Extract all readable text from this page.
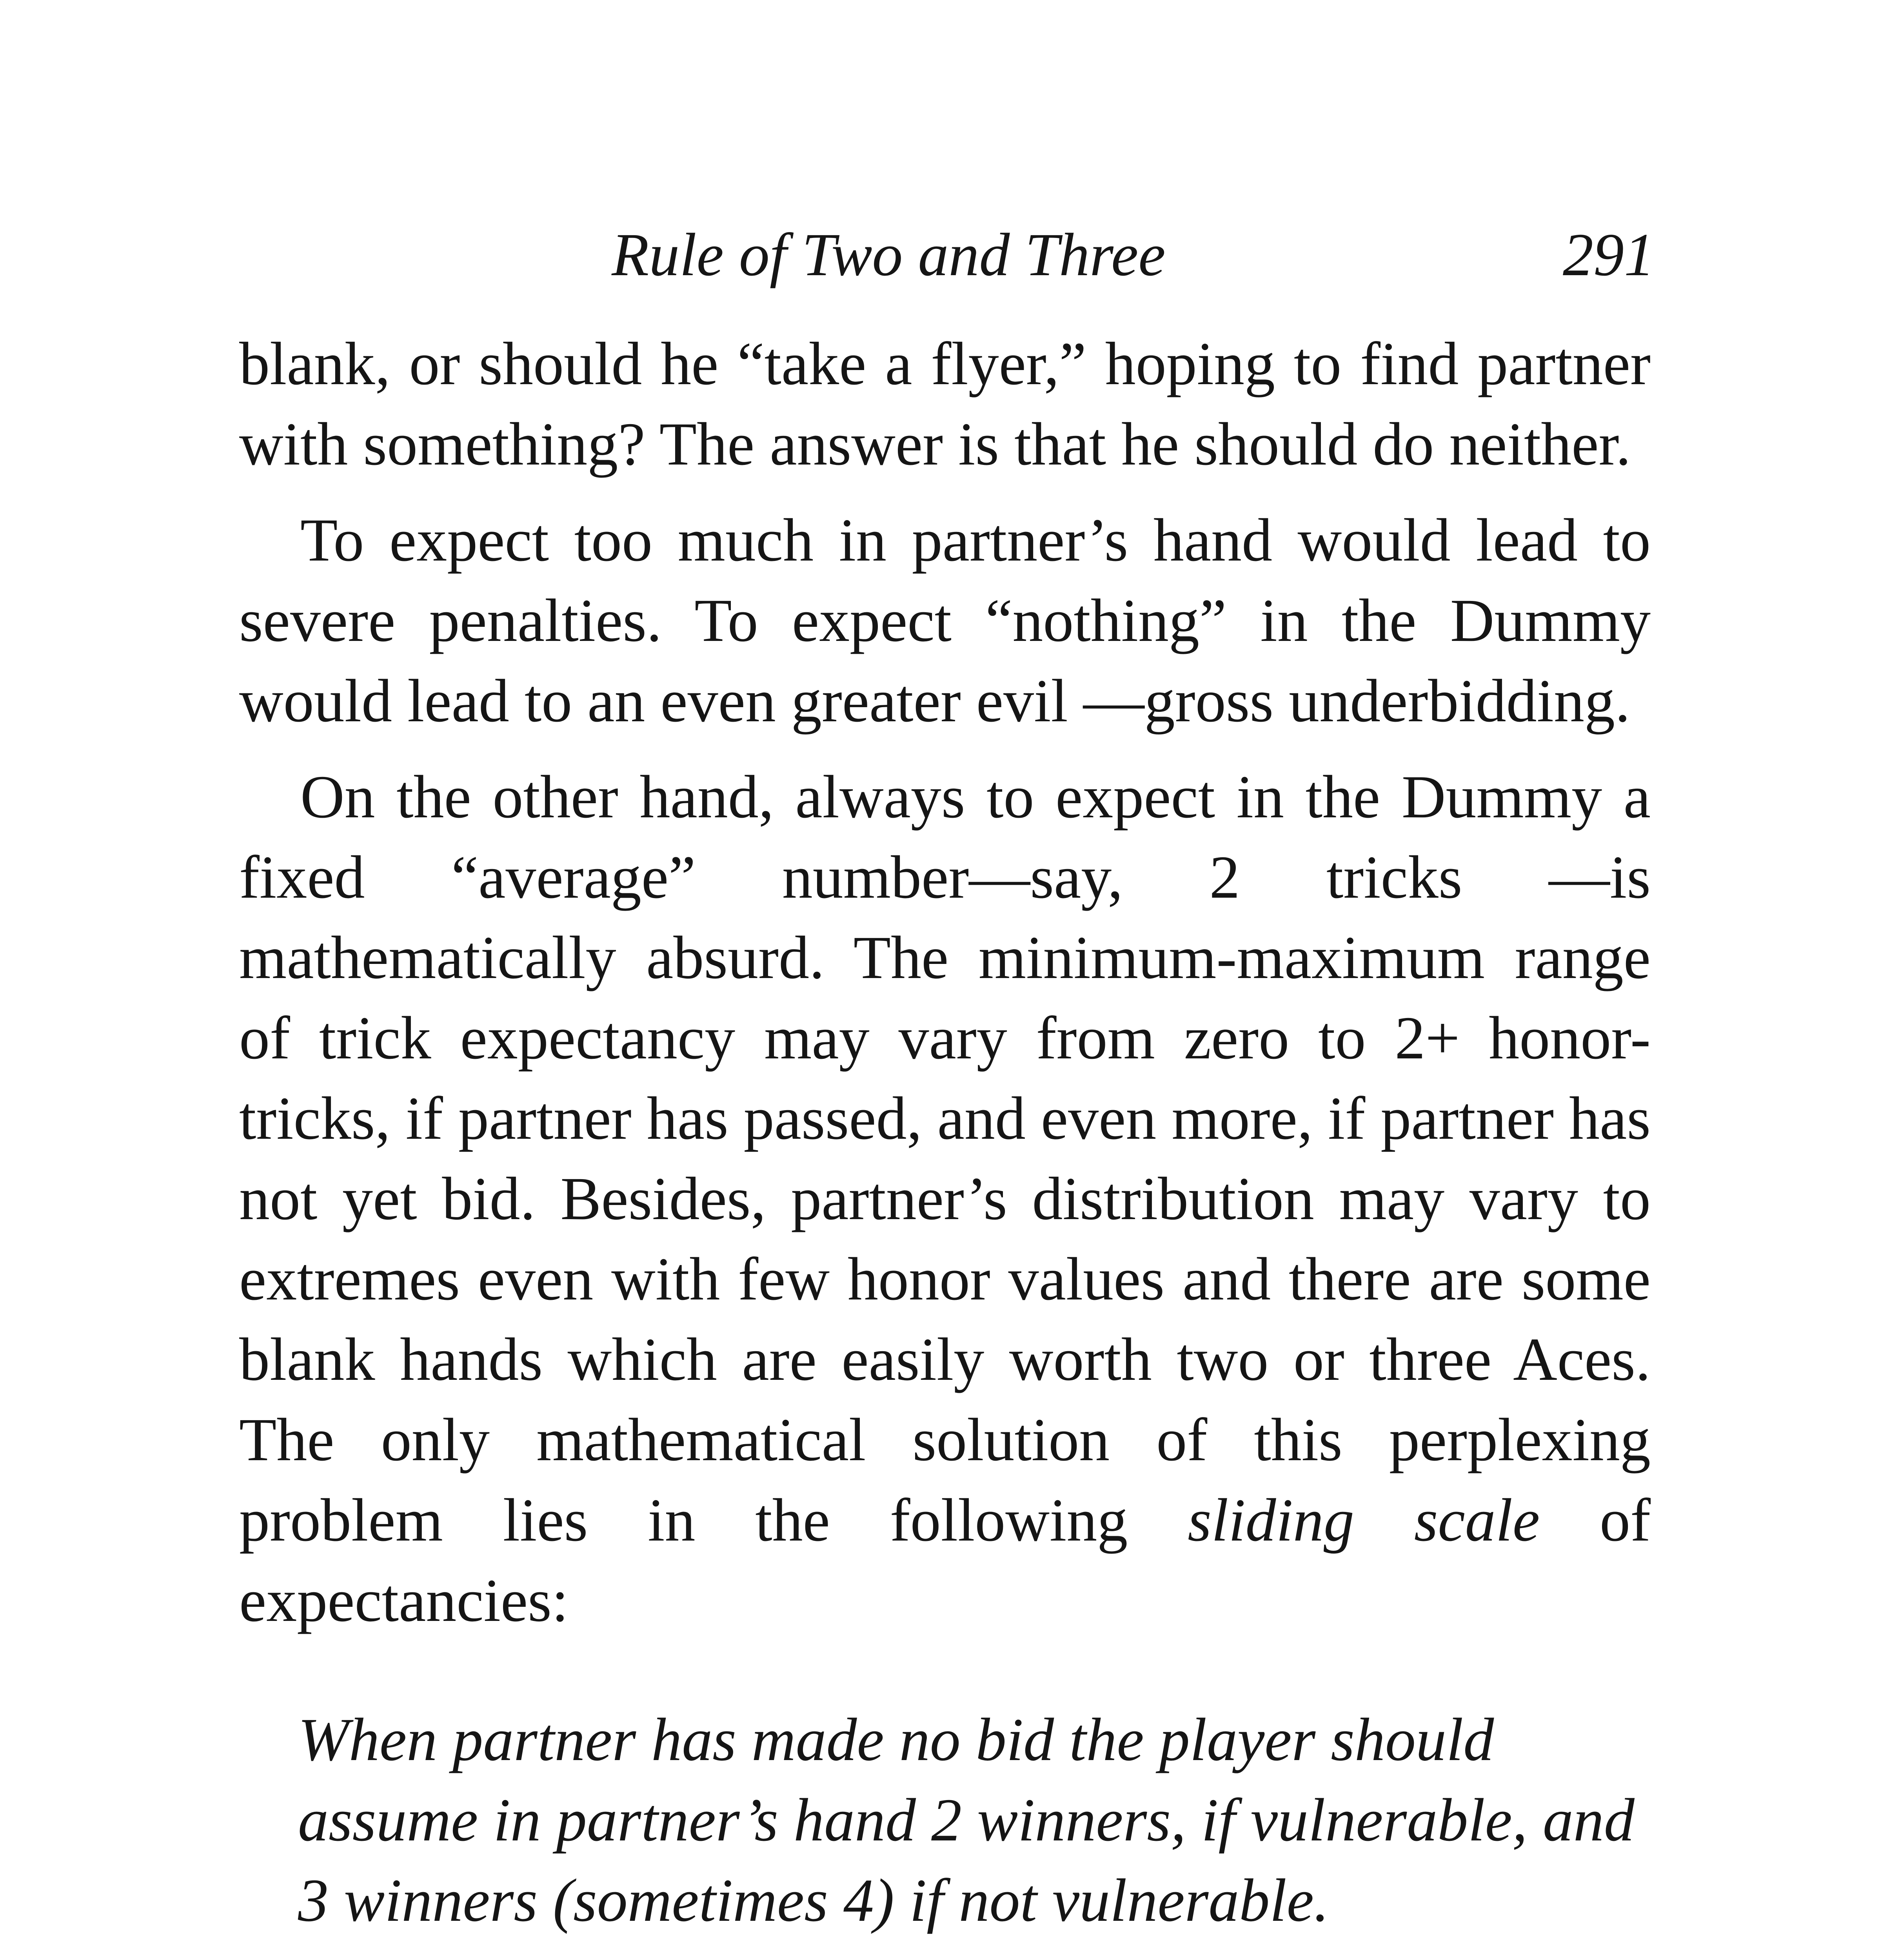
Rule of Two and Three	291

blank, or should he “take a flyer,” hoping to find partner with something? The answer is that he should do neither.

To expect too much in partner’s hand would lead to severe penalties. To expect “nothing” in the Dummy would lead to an even greater evil —gross underbidding.

On the other hand, always to expect in the Dummy a fixed “average” number—say, 2 tricks —is mathematically absurd. The minimum-maximum range of trick expectancy may vary from zero to 2+ honor-tricks, if partner has passed, and even more, if partner has not yet bid. Besides, partner’s distribution may vary to extremes even with few honor values and there are some blank hands which are easily worth two or three Aces. The only mathematical solution of this perplexing problem lies in the following sliding scale of expectancies:

When partner has made no bid the player should assume in partner’s hand 2 winners, if vulnerable, and 3 winners (sometimes 4) if not vulnerable.
